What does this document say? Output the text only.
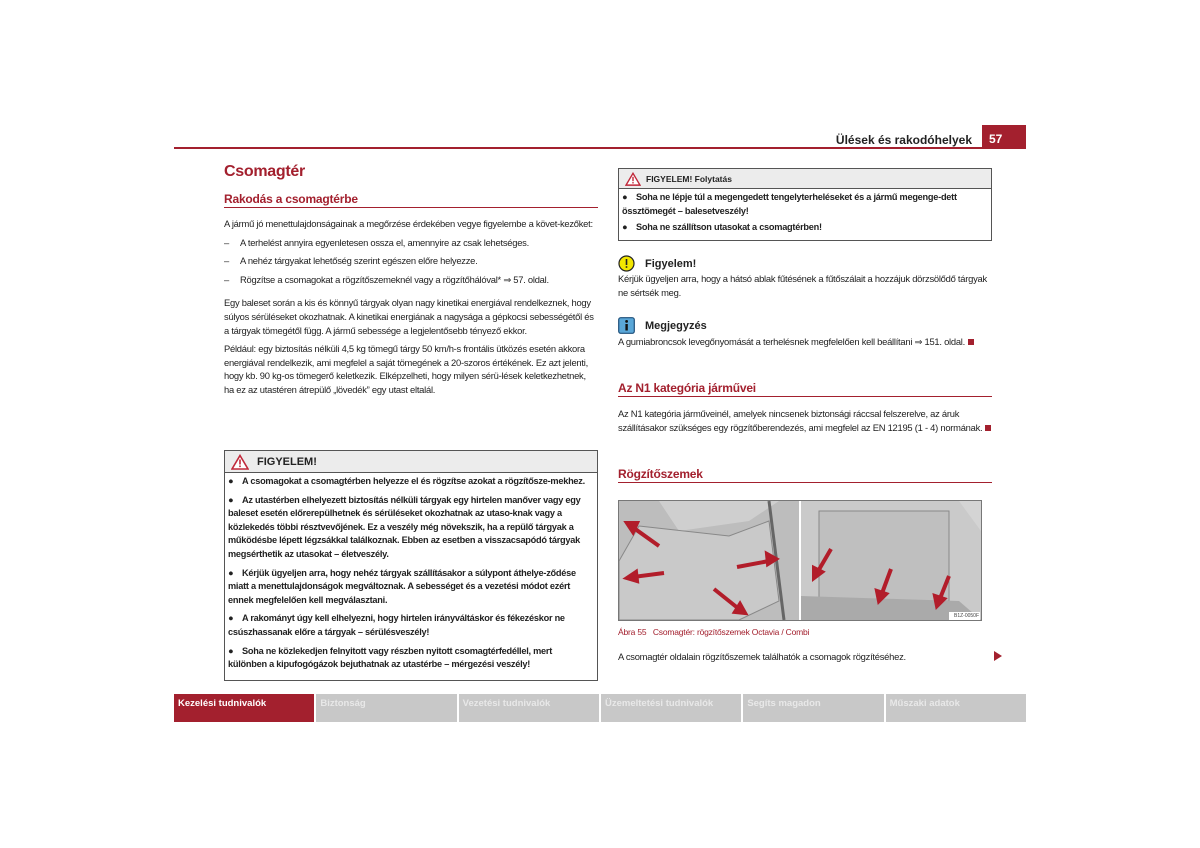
Ülések és rakodóhelyek	57
Csomagtér
Rakodás a csomagtérbe
A jármű jó menettulajdonságainak a megőrzése érdekében vegye figyelembe a követ-kezőket:
–	A terhelést annyira egyenletesen ossza el, amennyire az csak lehetséges.
–	A nehéz tárgyakat lehetőség szerint egészen előre helyezze.
–	Rögzítse a csomagokat a rögzítőszemeknél vagy a rögzítőhálóval* ⇒ 57. oldal.
Egy baleset során a kis és könnyű tárgyak olyan nagy kinetikai energiával rendelkeznek, hogy súlyos sérüléseket okozhatnak. A kinetikai energiának a nagysága a gépkocsi sebességétől és a tárgyak tömegétől függ. A jármű sebessége a legjelentősebb tényező ekkor.
Például: egy biztosítás nélküli 4,5 kg tömegű tárgy 50 km/h-s frontális ütközés esetén akkora energiával rendelkezik, ami megfelel a saját tömegének a 20-szoros értékének. Ez azt jelenti, hogy kb. 90 kg-os tömegerő keletkezik. Elképzelheti, hogy milyen sérü-lések keletkezhetnek, ha ez az utastéren átrepülő „lövedék” egy utast eltalál.
FIGYELEM!
● A csomagokat a csomagtérben helyezze el és rögzítse azokat a rögzítősze-mekhez.
● Az utastérben elhelyezett biztosítás nélküli tárgyak egy hirtelen manőver vagy egy baleset esetén előrerepülhetnek és sérüléseket okozhatnak az utaso-knak vagy a közlekedés többi résztvevőjének. Ez a veszély még növekszik, ha a repülő tárgyak a működésbe lépett légzsákkal találkoznak. Ebben az esetben a visszacsapódó tárgyak megsérthetik az utasokat – életveszély.
● Kérjük ügyeljen arra, hogy nehéz tárgyak szállításakor a súlypont áthelye-ződése miatt a menettulajdonságok megváltoznak. A sebességet és a vezetési módot ezért ennek megfelelően kell megválasztani.
● A rakományt úgy kell elhelyezni, hogy hirtelen irányváltáskor és fékezéskor ne csúszhassanak előre a tárgyak – sérülésveszély!
● Soha ne közlekedjen felnyitott vagy részben nyitott csomagtérfedéllel, mert különben a kipufogógázok bejuthatnak az utastérbe – mérgezési veszély!
FIGYELEM! Folytatás
● Soha ne lépje túl a megengedett tengelyterheléseket és a jármű megenge-dett össztömegét – balesetveszély!
● Soha ne szállítson utasokat a csomagtérben!
Figyelem!
Kérjük ügyeljen arra, hogy a hátsó ablak fűtésének a fűtőszálait a hozzájuk dörzsölődő tárgyak ne sértsék meg.
Megjegyzés
A gumiabroncsok levegőnyomását a terhelésnek megfelelően kell beállítani ⇒ 151. oldal.
Az N1 kategória járművei
Az N1 kategória járműveinél, amelyek nincsenek biztonsági ráccsal felszerelve, az áruk szállításakor szükséges egy rögzítőberendezés, ami megfelel az EN 12195 (1 - 4) normának.
Rögzítőszemek
B1Z-0050F
Ábra 55   Csomagtér: rögzítőszemek Octavia / Combi
A csomagtér oldalain rögzítőszemek találhatók a csomagok rögzítéséhez.
Kezelési tudnivalók	Biztonság	Vezetési tudnivalók	Üzemeltetési tudnivalók	Segíts magadon	Műszaki adatok
